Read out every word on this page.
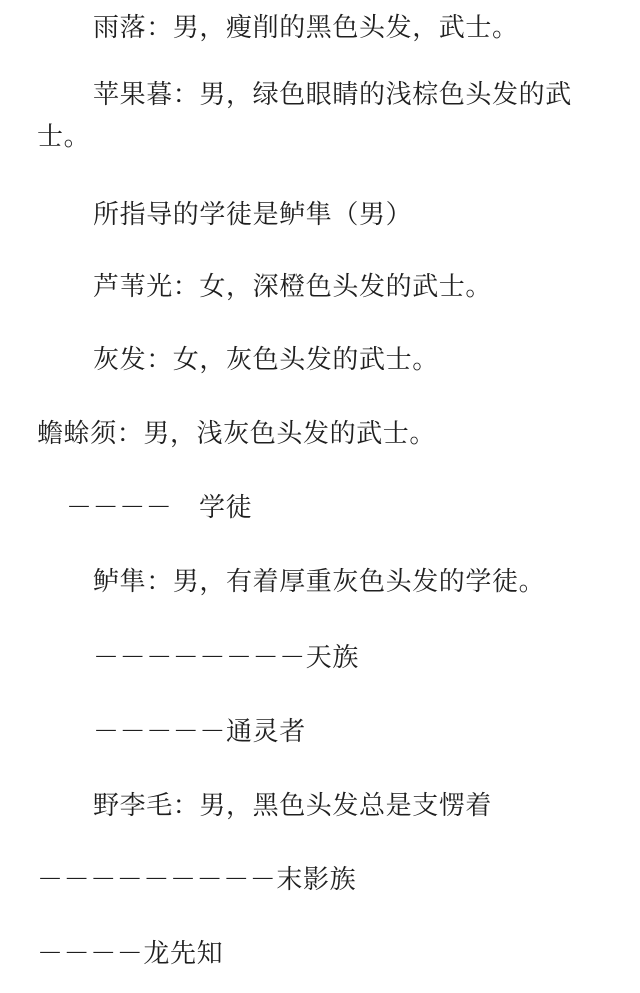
雨落：男，瘦削的黑色头发，武士。
苹果暮：男，绿色眼睛的浅棕色头发的武
士。
所指导的学徒是鲈隼（男）
芦苇光：女，深橙色头发的武士。
灰发：女，灰色头发的武士。
蟾蜍须：男，浅灰色头发的武士。
－－－－　学徒
鲈隼：男，有着厚重灰色头发的学徒。
－－－－－－－－天族
－－－－－通灵者
野李毛：男，黑色头发总是支愣着
－－－－－－－－－末影族
－－－－龙先知
